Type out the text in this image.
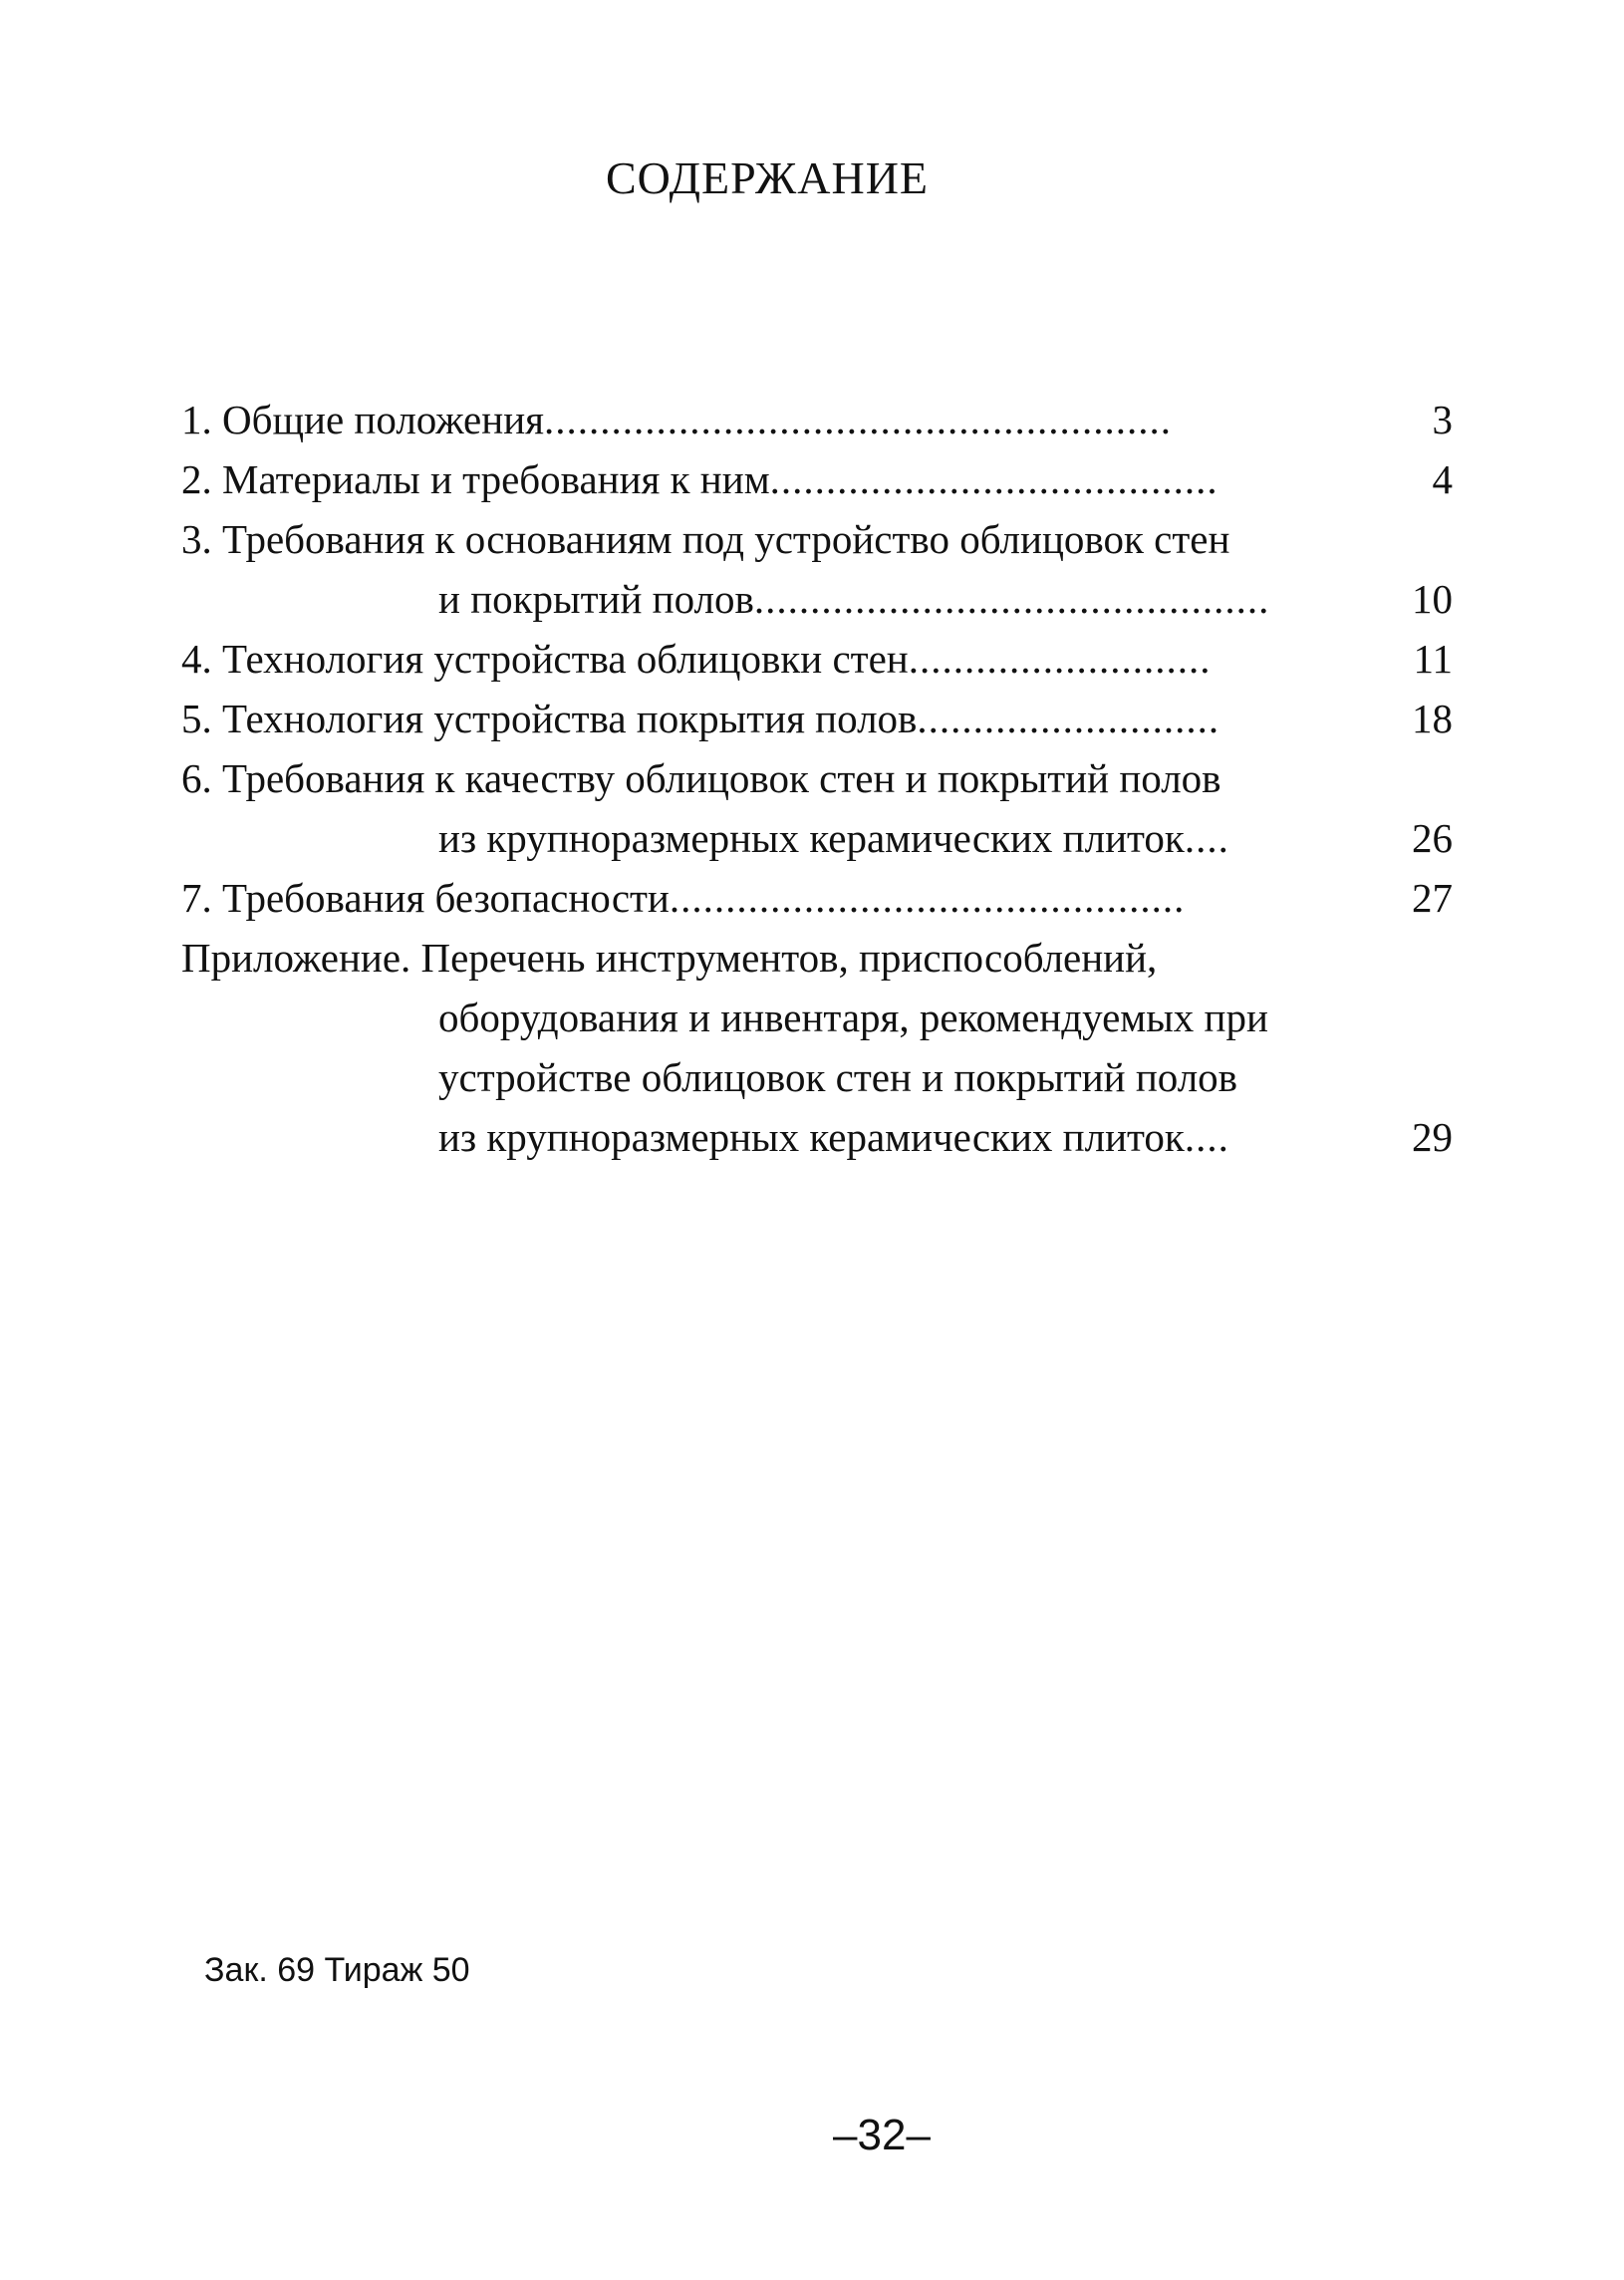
СОДЕРЖАНИЕ
1. Общие положения........................................................	3
2. Материалы и требования к ним........................................	4
3. Требования к основаниям под устройство облицовок стен
и покрытий полов..............................................	10
4. Технология устройства облицовки стен...........................	11
5. Технология устройства покрытия полов...........................	18
6. Требования к качеству облицовок стен и покрытий полов
из крупноразмерных керамических плиток....	26
7. Требования безопасности..............................................	27
Приложение. Перечень инструментов, приспособлений,
оборудования и инвентаря, рекомендуемых при
устройстве облицовок стен и покрытий полов
из крупноразмерных керамических плиток....	29
Зак. 69 Тираж 50
–32–
